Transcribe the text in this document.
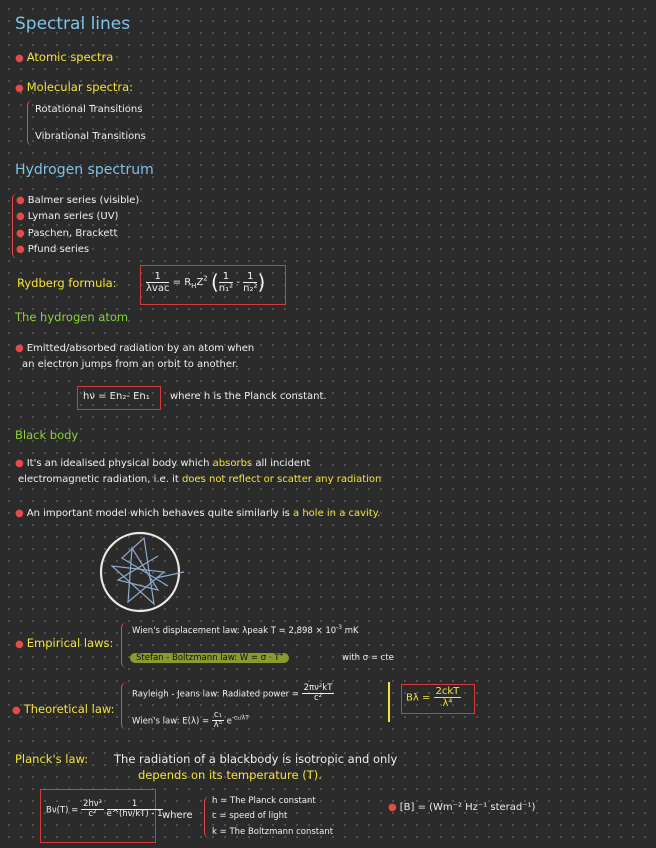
Spectral lines
● Atomic spectra
● Molecular spectra:
Rotational Transitions
Vibrational Transitions
Hydrogen spectrum
● Balmer series (visible)
● Lyman series (UV)
● Paschen, Brackett
● Pfund series
Rydberg formula:	$\frac{1}{\text{λvac}} = R_HZ^2$ ( $\frac{1}{\text{n₁²}} - \frac{1}{\text{n₂²}}$ )
The hydrogen atom
● Emitted/absorbed radiation by an atom when
an electron jumps from an orbit to another.
hν = En₂- En₁ where h is the Planck constant.
Black body
● It's an idealised physical body which absorbs all incident
electromagnetic radiation, i.e. it does not reflect or scatter any radiation
● An important model which behaves quite similarly is a hole in a cavity.
● Empirical laws:
Wien's displacement law: λpeak $T = 2,898 \times 10^{-3}$ mK
Stefan - Boltzmann law: $W = \sigma \cdot T^4$	with σ = cte
● Theoretical law:
Rayleigh - Jeans law: Radiated power = $\frac{\text{2πν²kT}}{\text{c²}}$
Wien's law: $E(\lambda) = \frac{\text{c₁}}{\text{λ⁵}} e^{-c_2/\lambda T}$
$B\lambda = \frac{\text{2ckT}}{\text{λ⁴}}$
Planck's law: The radiation of a blackbody is isotropic and only
depends on its temperature (T).
$B\nu(T) = \frac{\text{2hν³}}{\text{c²}}$
$\frac{1}{e\^{}(h\nu/kT) - 1}$ where
h = The Planck constant
c = speed of light
k = The Boltzmann constant
● [B] = (Wm⁻² Hz⁻¹ sterad⁻¹)
